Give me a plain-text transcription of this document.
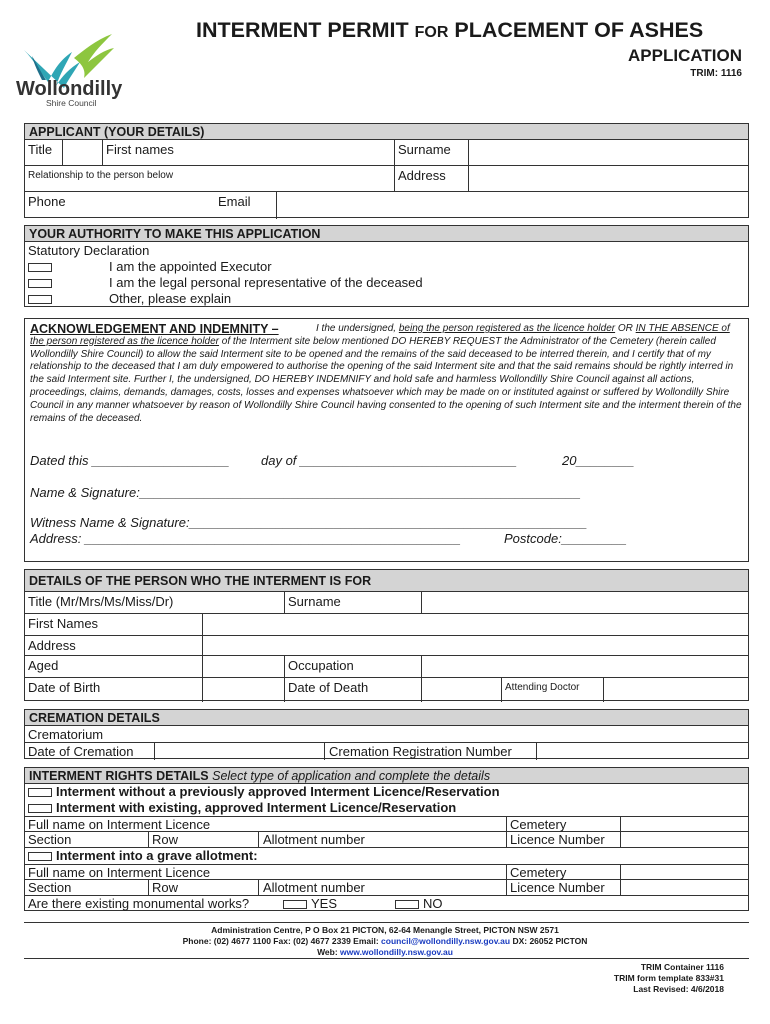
Wollondilly
Shire Council
INTERMENT PERMIT FOR PLACEMENT OF ASHES
APPLICATION
TRIM: 1116
APPLICANT (YOUR DETAILS)
Title	First names	Surname
Relationship to the person below	Address
Phone	Email
YOUR AUTHORITY TO MAKE THIS APPLICATION
Statutory Declaration
I am the appointed Executor
I am the legal personal representative of the deceased
Other, please explain
ACKNOWLEDGEMENT AND INDEMNITY –	I the undersigned, being the person registered as the licence holder OR IN THE ABSENCE of the person registered as the licence holder of the Interment site below mentioned DO HEREBY REQUEST the Administrator of the Cemetery (herein called Wollondilly Shire Council) to allow the said Interment site to be opened and the remains of the said deceased to be interred therein, and I certify that of my relationship to the deceased that I am duly empowered to authorise the opening of the said Interment site and that the said remains should be rightly interred in the said Interment site. Further I, the undersigned, DO HEREBY INDEMNIFY and hold safe and harmless Wollondilly Shire Council against all actions, proceedings, claims, demands, damages, costs, losses and expenses whatsoever which may be made on or instituted against or suffered by Wollondilly Shire Council in any manner whatsoever by reason of Wollondilly Shire Council having consented to the opening of such Interment site and the interment therein of the remains of the deceased.
Dated this ___________________ day of ______________________________	20________
Name & Signature:_____________________________________________________________
Witness Name & Signature:_______________________________________________________
Address: ____________________________________________________	Postcode:_________
DETAILS OF THE PERSON WHO THE INTERMENT IS FOR
Title (Mr/Mrs/Ms/Miss/Dr)	Surname
First Names
Address
Aged	Occupation
Date of Birth	Date of Death	Attending Doctor
CREMATION DETAILS
Crematorium
Date of Cremation	Cremation Registration Number
INTERMENT RIGHTS DETAILS Select type of application and complete the details
Interment without a previously approved Interment Licence/Reservation
Interment with existing, approved Interment Licence/Reservation
Full name on Interment Licence	Cemetery
Section	Row	Allotment number	Licence Number
Interment into a grave allotment:
Full name on Interment Licence	Cemetery
Section	Row	Allotment number	Licence Number
Are there existing monumental works?	YES	NO
Administration Centre, P O Box 21 PICTON, 62-64 Menangle Street, PICTON NSW 2571
Phone: (02) 4677 1100 Fax: (02) 4677 2339 Email: council@wollondilly.nsw.gov.au DX: 26052 PICTON
Web: www.wollondilly.nsw.gov.au
TRIM Container 1116
TRIM form template 833#31
Last Revised: 4/6/2018
